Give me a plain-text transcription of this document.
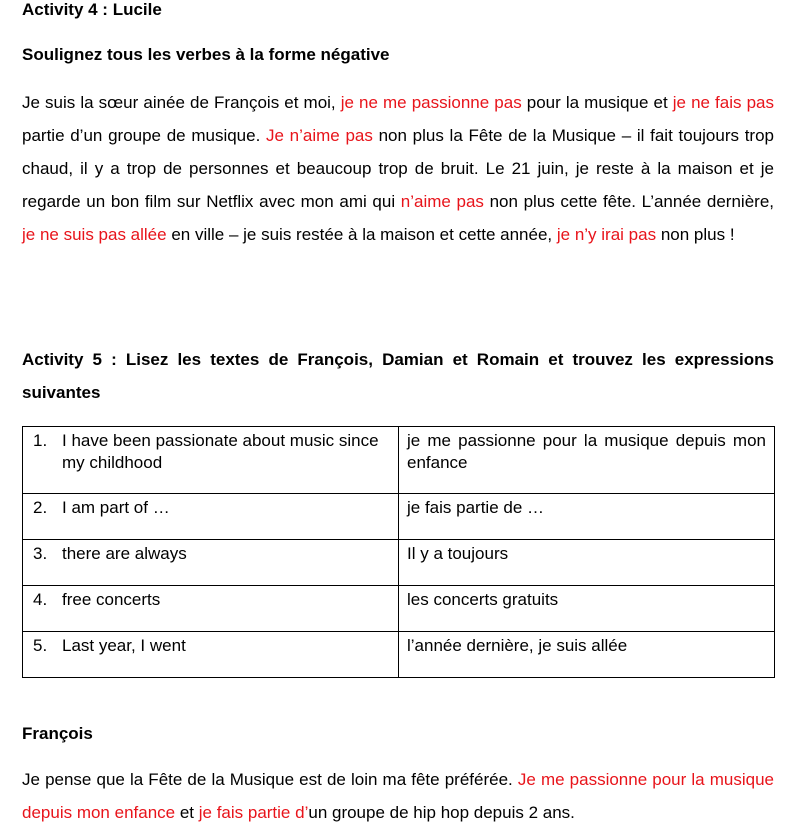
Activity 4 : Lucile
Soulignez tous les verbes à la forme négative
Je suis la sœur ainée de François et moi, je ne me passionne pas pour la musique et je ne fais pas partie d’un groupe de musique. Je n’aime pas non plus la Fête de la Musique – il fait toujours trop chaud, il y a trop de personnes et beaucoup trop de bruit. Le 21 juin, je reste à la maison et je regarde un bon film sur Netflix avec mon ami qui n’aime pas non plus cette fête. L’année dernière, je ne suis pas allée en ville – je suis restée à la maison et cette année, je n’y irai pas non plus !
Activity 5 : Lisez les textes de François, Damian et Romain et trouvez les expressions suivantes
1. I have been passionate about music since my childhood	je me passionne pour la musique depuis mon enfance

2. I am part of …	je fais partie de …

3. there are always	Il y a toujours

4. free concerts	les concerts gratuits

5. Last year, I went	l’année dernière, je suis allée
François
Je pense que la Fête de la Musique est de loin ma fête préférée. Je me passionne pour la musique depuis mon enfance et je fais partie d’un groupe de hip hop depuis 2 ans.
